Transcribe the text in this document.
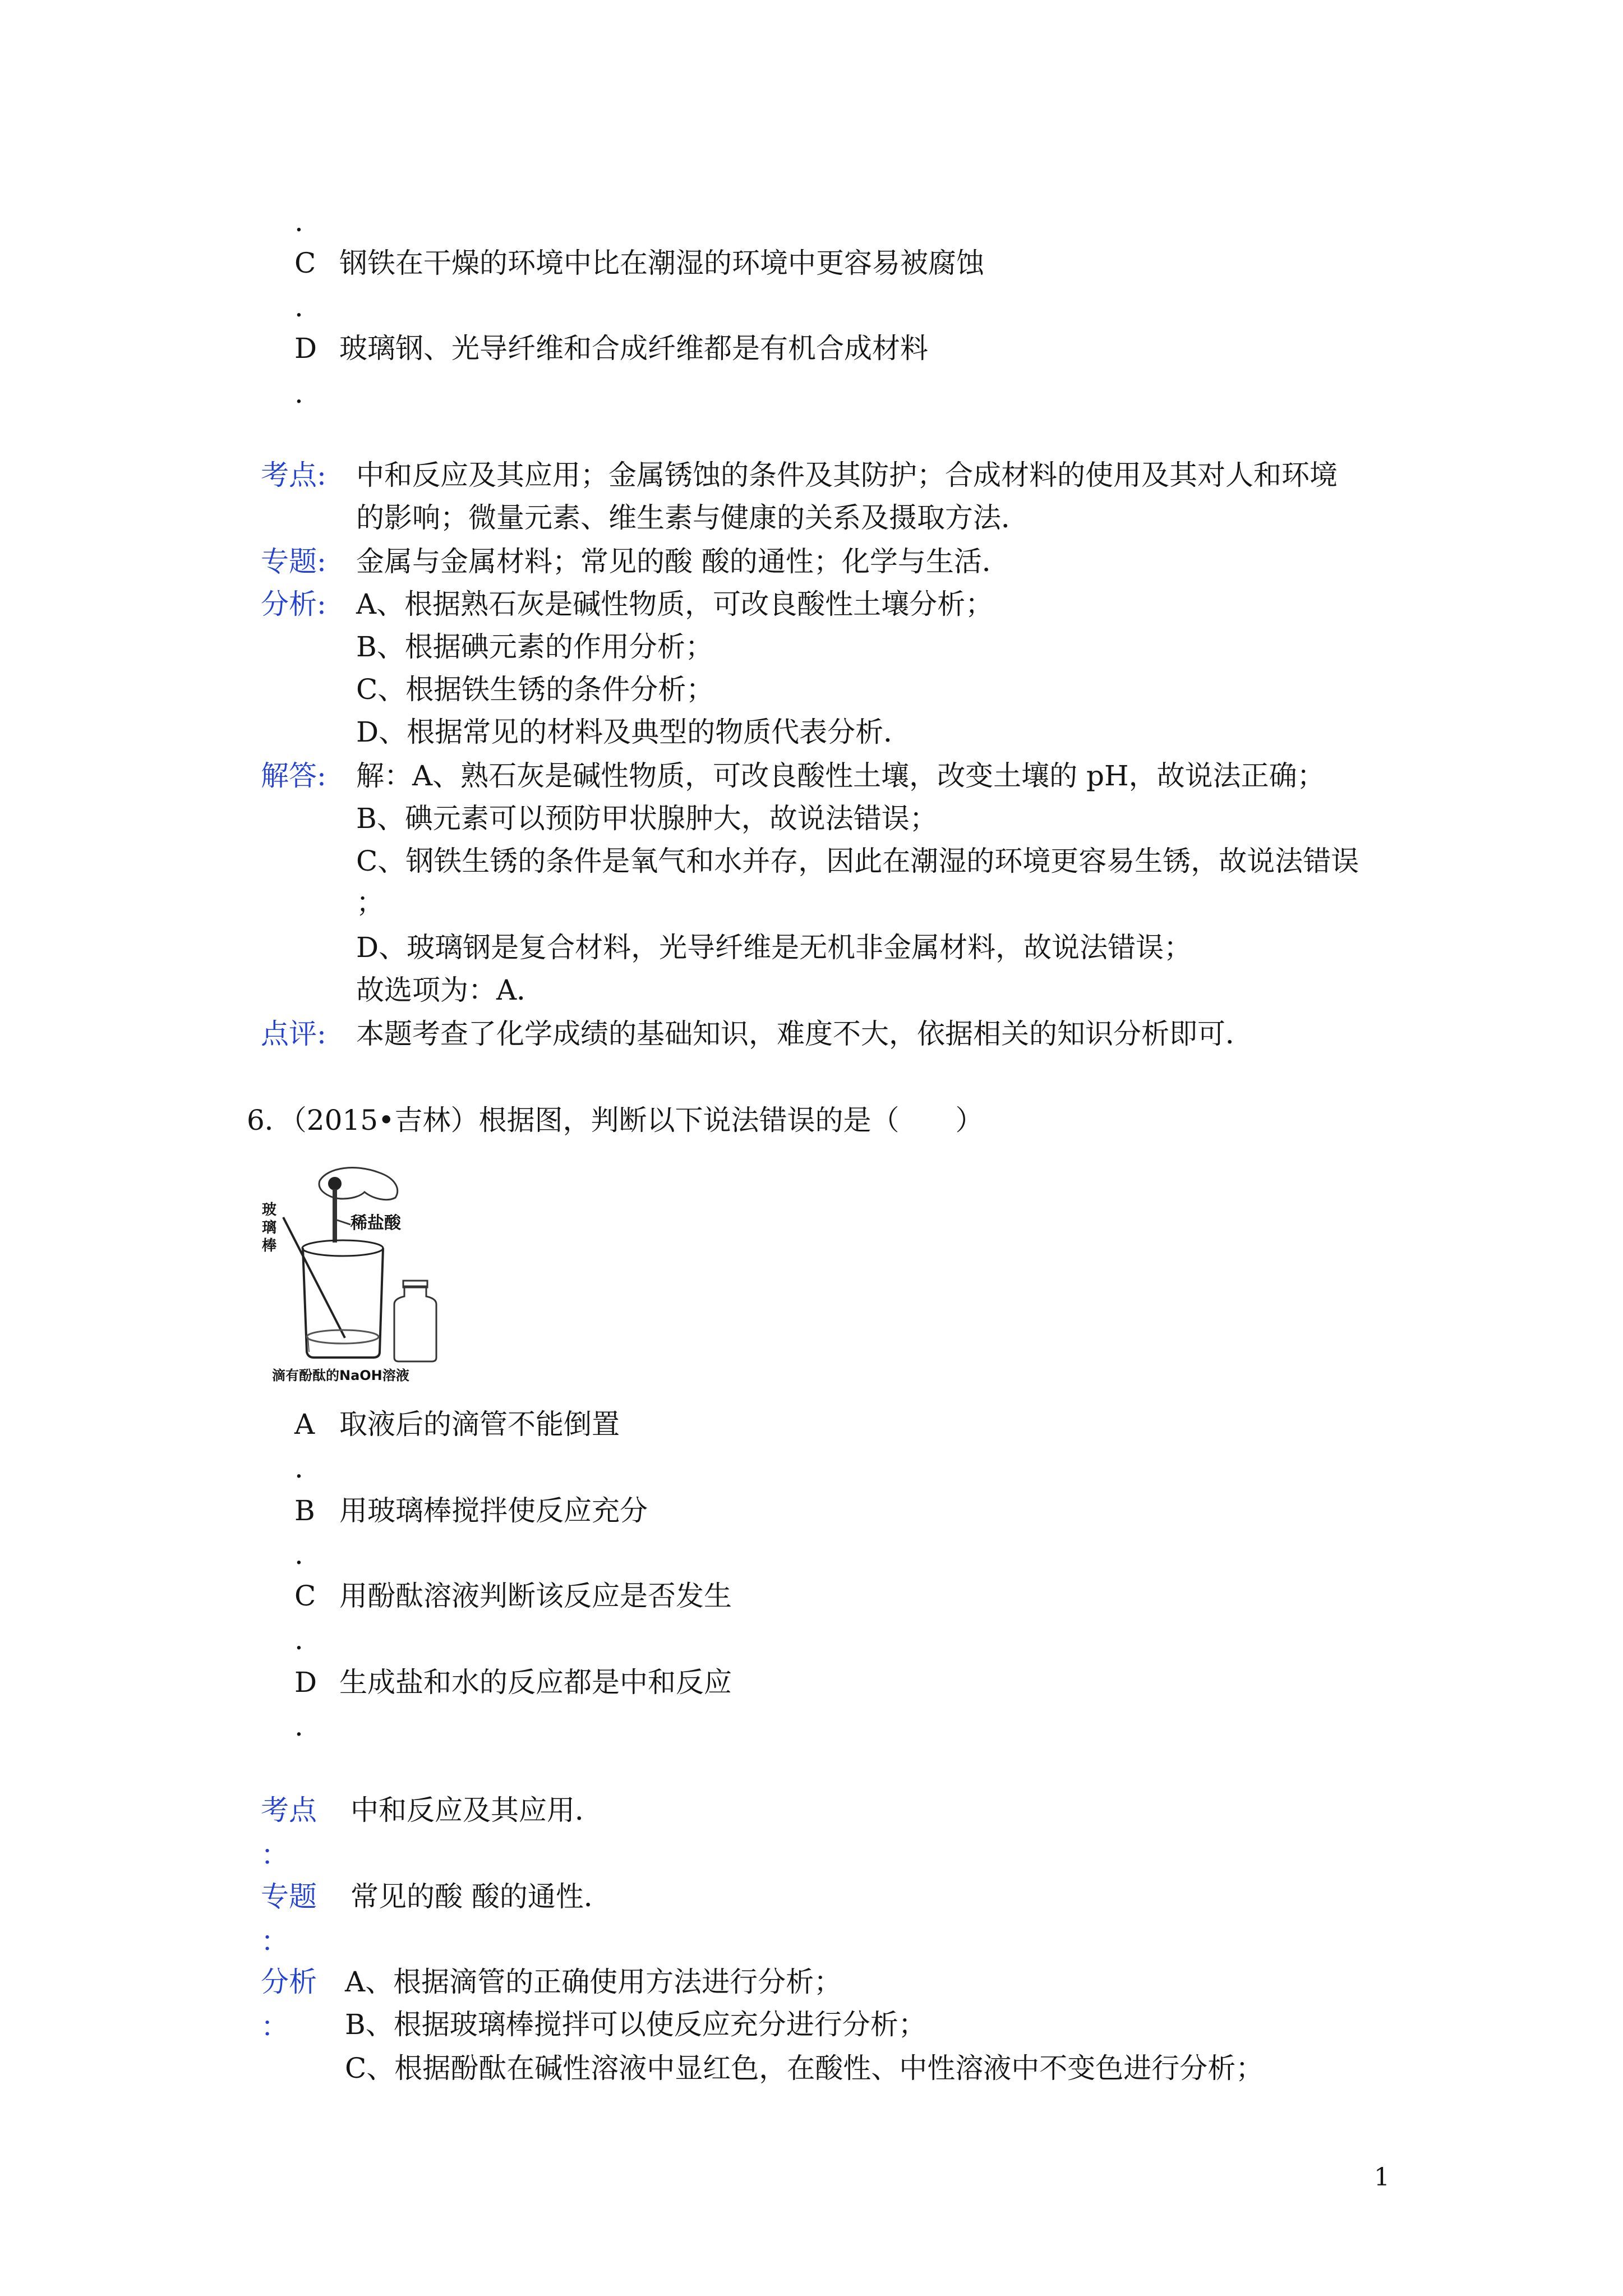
.
C 钢铁在干燥的环境中比在潮湿的环境中更容易被腐蚀
.
D 玻璃钢、光导纤维和合成纤维都是有机合成材料
.
考点: 中和反应及其应用；金属锈蚀的条件及其防护；合成材料的使用及其对人和环境
的影响；微量元素、维生素与健康的关系及摄取方法．
专题: 金属与金属材料；常见的酸 酸的通性；化学与生活．
分析: A、根据熟石灰是碱性物质，可改良酸性土壤分析；
B、根据碘元素的作用分析；
C、根据铁生锈的条件分析；
D、根据常见的材料及典型的物质代表分析．
解答: 解：A、熟石灰是碱性物质，可改良酸性土壤，改变土壤的 pH，故说法正确；
B、碘元素可以预防甲状腺肿大，故说法错误；
C、钢铁生锈的条件是氧气和水并存，因此在潮湿的环境更容易生锈，故说法错误
；
D、玻璃钢是复合材料，光导纤维是无机非金属材料，故说法错误；
故选项为：A．
点评: 本题考查了化学成绩的基础知识，难度不大，依据相关的知识分析即可．
6．（2015•吉林）根据图，判断以下说法错误的是（　　）
玻 璃 棒
稀盐酸
滴有酚酞的NaOH溶液
A 取液后的滴管不能倒置
.
B 用玻璃棒搅拌使反应充分
.
C 用酚酞溶液判断该反应是否发生
.
D 生成盐和水的反应都是中和反应
.
考点
：
中和反应及其应用．
专题
：
常见的酸 酸的通性．
分析
：
A、根据滴管的正确使用方法进行分析；
B、根据玻璃棒搅拌可以使反应充分进行分析；
C、根据酚酞在碱性溶液中显红色，在酸性、中性溶液中不变色进行分析；
1
